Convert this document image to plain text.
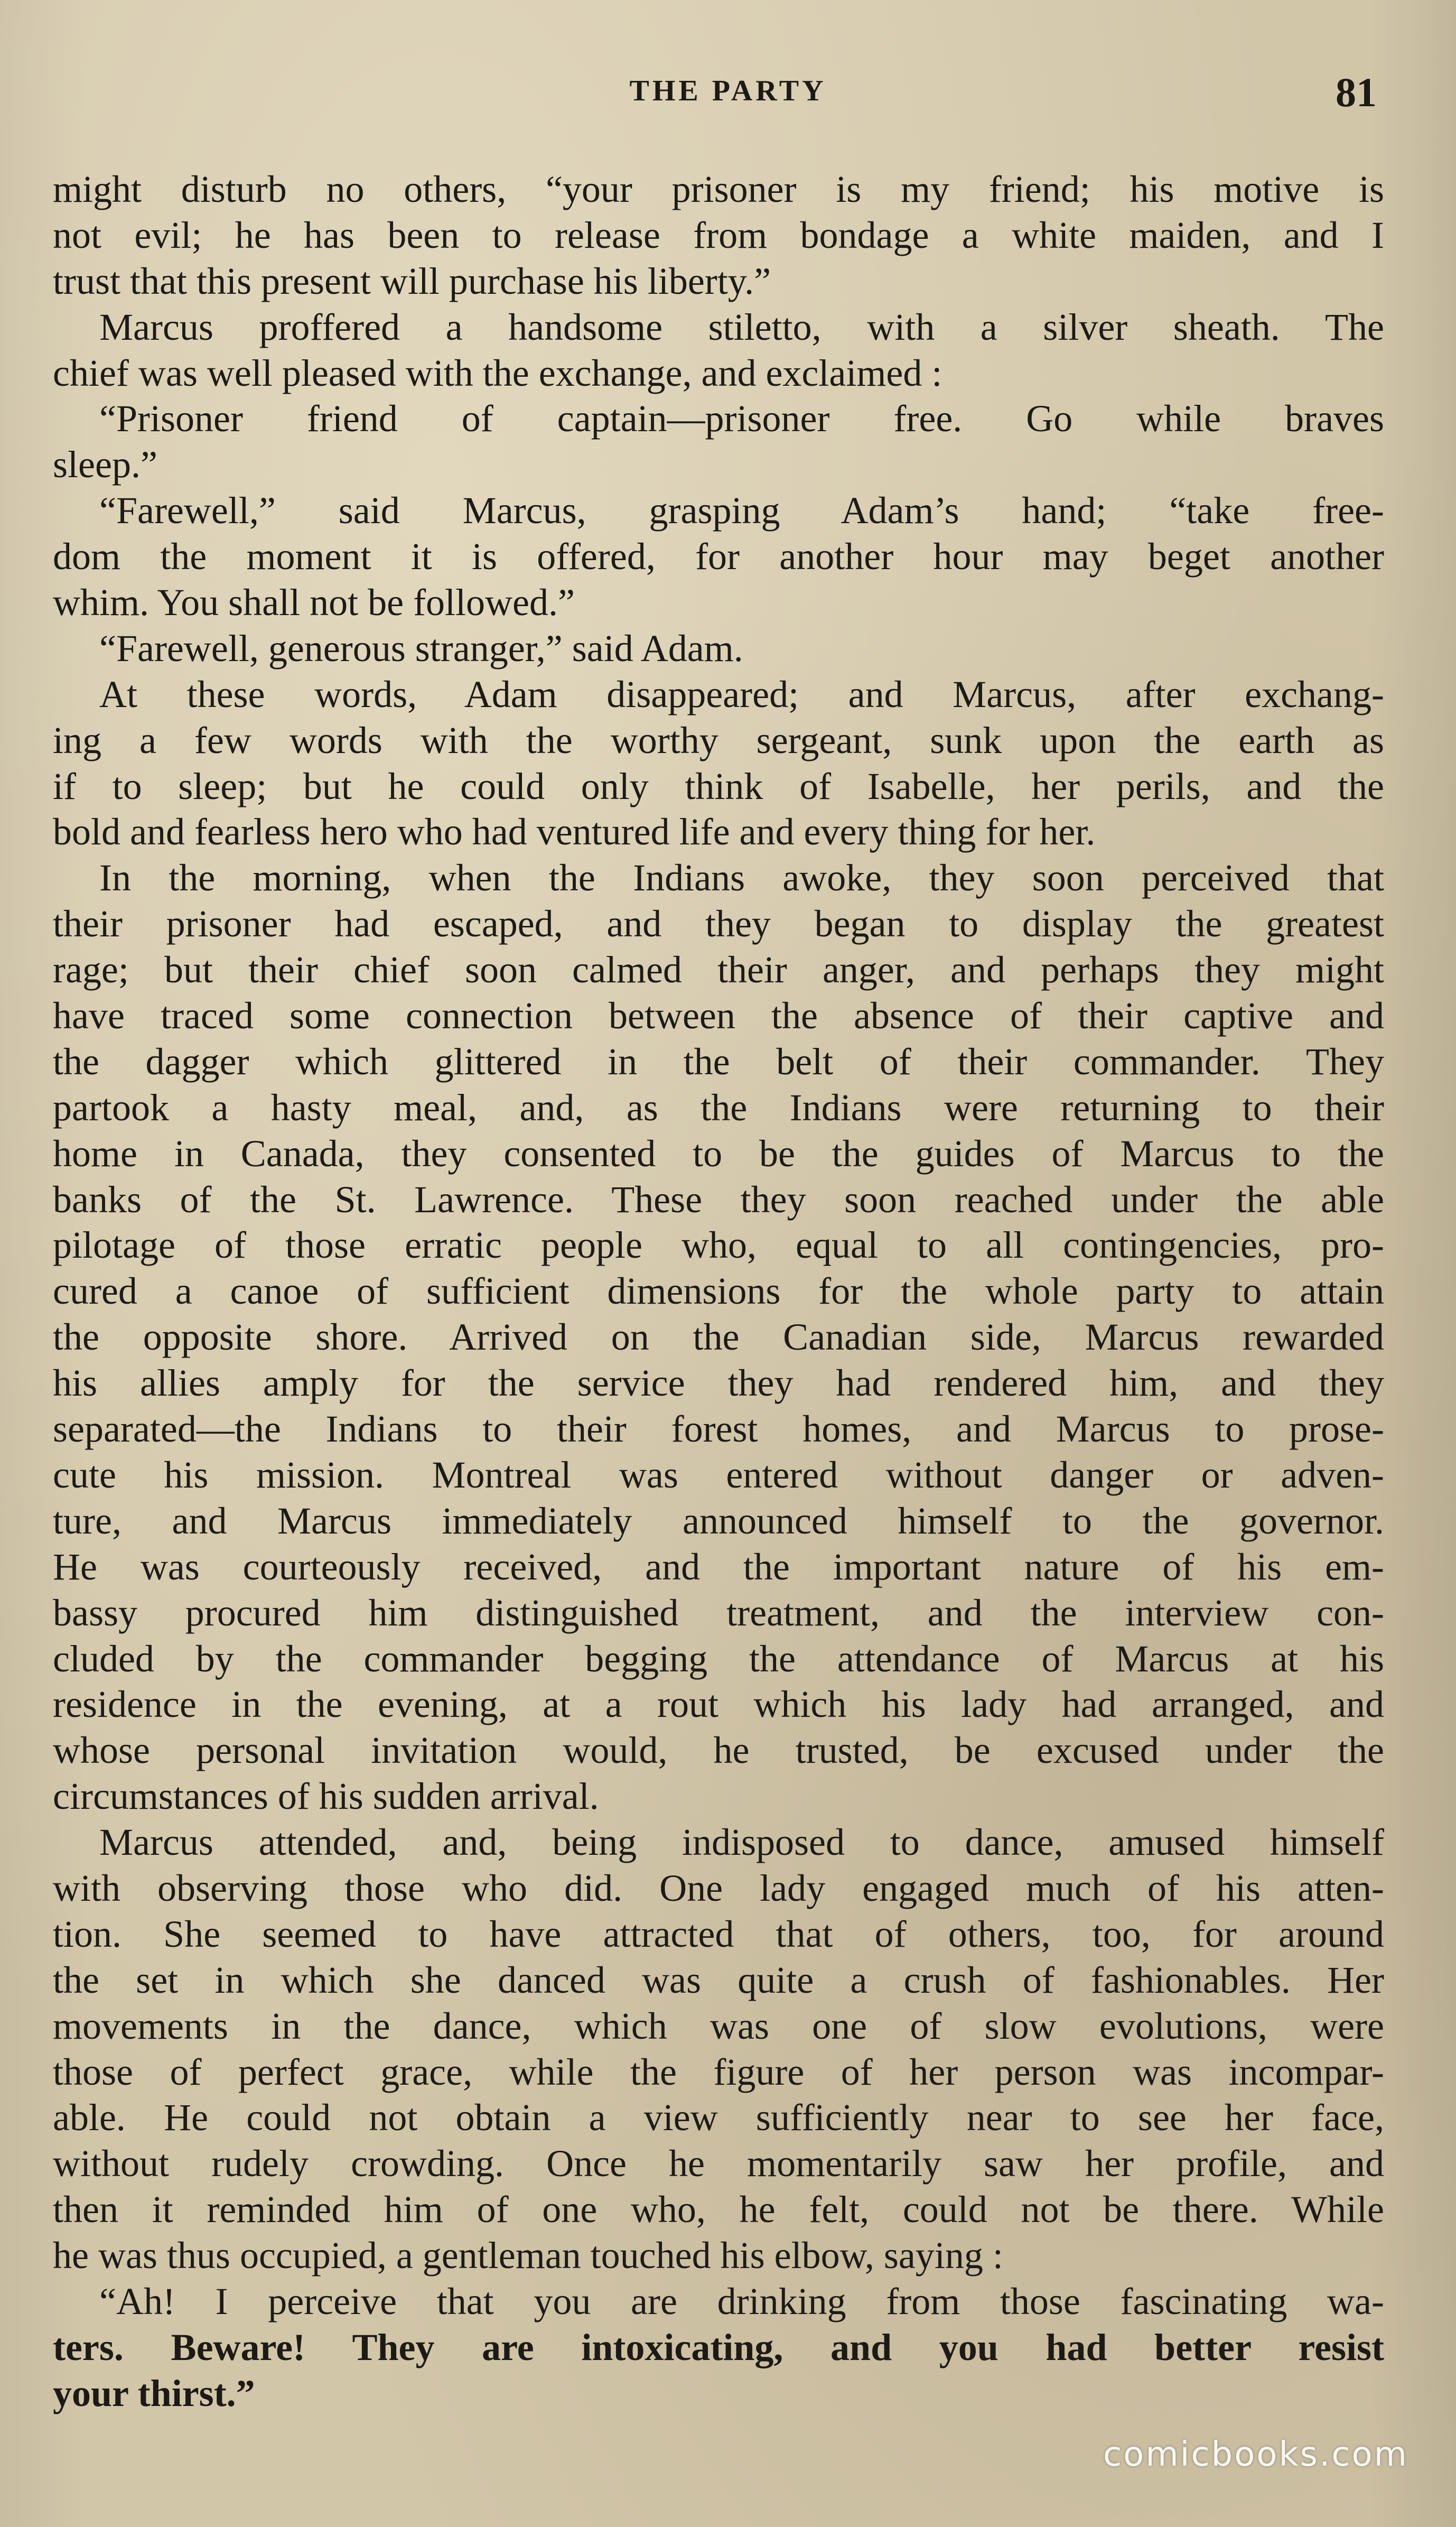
THE PARTY	81
might disturb no others, “your prisoner is my friend; his motive is
not evil; he has been to release from bondage a white maiden, and I
trust that this present will purchase his liberty.”
Marcus proffered a handsome stiletto, with a silver sheath. The
chief was well pleased with the exchange, and exclaimed :
“Prisoner friend of captain—prisoner free. Go while braves
sleep.”
“Farewell,” said Marcus, grasping Adam’s hand; “take free-
dom the moment it is offered, for another hour may beget another
whim. You shall not be followed.”
“Farewell, generous stranger,” said Adam.
At these words, Adam disappeared; and Marcus, after exchang-
ing a few words with the worthy sergeant, sunk upon the earth as
if to sleep; but he could only think of Isabelle, her perils, and the
bold and fearless hero who had ventured life and every thing for her.
In the morning, when the Indians awoke, they soon perceived that
their prisoner had escaped, and they began to display the greatest
rage; but their chief soon calmed their anger, and perhaps they might
have traced some connection between the absence of their captive and
the dagger which glittered in the belt of their commander. They
partook a hasty meal, and, as the Indians were returning to their
home in Canada, they consented to be the guides of Marcus to the
banks of the St. Lawrence. These they soon reached under the able
pilotage of those erratic people who, equal to all contingencies, pro-
cured a canoe of sufficient dimensions for the whole party to attain
the opposite shore. Arrived on the Canadian side, Marcus rewarded
his allies amply for the service they had rendered him, and they
separated—the Indians to their forest homes, and Marcus to prose-
cute his mission. Montreal was entered without danger or adven-
ture, and Marcus immediately announced himself to the governor.
He was courteously received, and the important nature of his em-
bassy procured him distinguished treatment, and the interview con-
cluded by the commander begging the attendance of Marcus at his
residence in the evening, at a rout which his lady had arranged, and
whose personal invitation would, he trusted, be excused under the
circumstances of his sudden arrival.
Marcus attended, and, being indisposed to dance, amused himself
with observing those who did. One lady engaged much of his atten-
tion. She seemed to have attracted that of others, too, for around
the set in which she danced was quite a crush of fashionables. Her
movements in the dance, which was one of slow evolutions, were
those of perfect grace, while the figure of her person was incompar-
able. He could not obtain a view sufficiently near to see her face,
without rudely crowding. Once he momentarily saw her profile, and
then it reminded him of one who, he felt, could not be there. While
he was thus occupied, a gentleman touched his elbow, saying :
“Ah! I perceive that you are drinking from those fascinating wa-
ters. Beware! They are intoxicating, and you had better resist
your thirst.”
comicbooks.com
